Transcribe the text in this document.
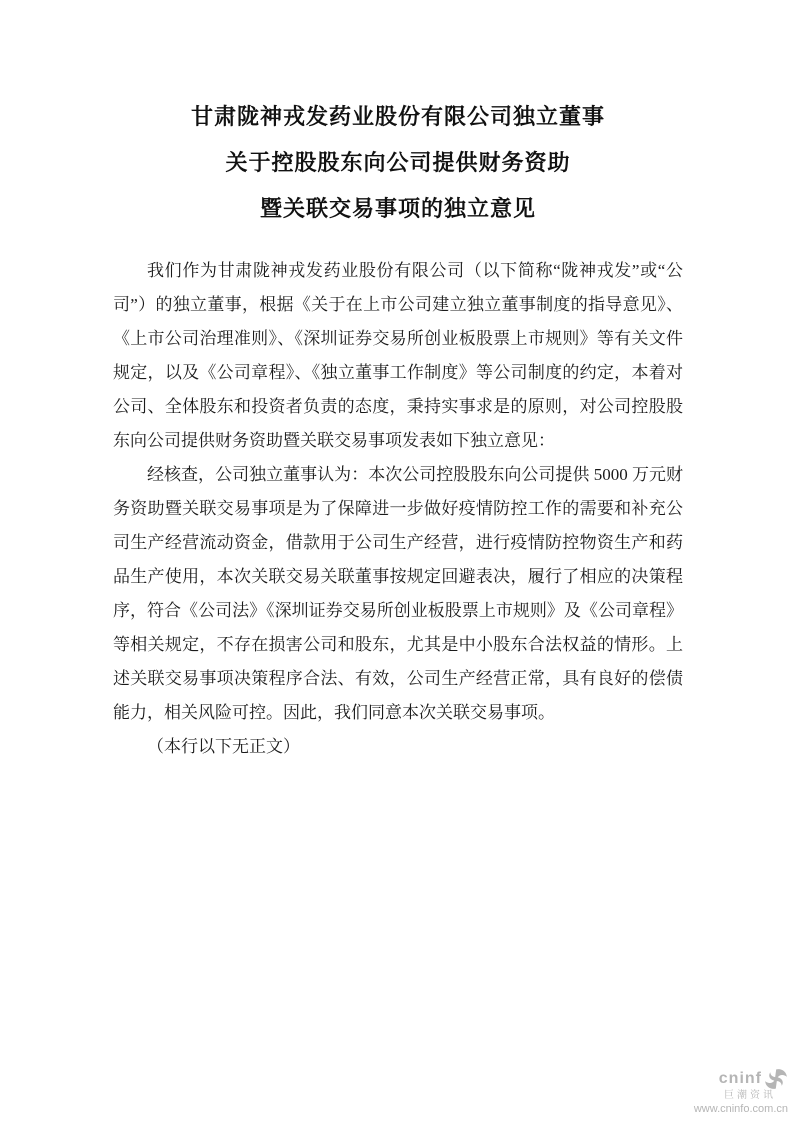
甘肃陇神戎发药业股份有限公司独立董事
关于控股股东向公司提供财务资助
暨关联交易事项的独立意见

我们作为甘肃陇神戎发药业股份有限公司（以下简称“陇神戎发”或“公司”）的独立董事，根据《关于在上市公司建立独立董事制度的指导意见》、《上市公司治理准则》、《深圳证券交易所创业板股票上市规则》等有关文件规定，以及《公司章程》、《独立董事工作制度》等公司制度的约定，本着对公司、全体股东和投资者负责的态度，秉持实事求是的原则，对公司控股股东向公司提供财务资助暨关联交易事项发表如下独立意见：

经核查，公司独立董事认为：本次公司控股股东向公司提供 5000 万元财务资助暨关联交易事项是为了保障进一步做好疫情防控工作的需要和补充公司生产经营流动资金，借款用于公司生产经营，进行疫情防控物资生产和药品生产使用，本次关联交易关联董事按规定回避表决，履行了相应的决策程序，符合《公司法》《深圳证券交易所创业板股票上市规则》及《公司章程》等相关规定，不存在损害公司和股东，尤其是中小股东合法权益的情形。上述关联交易事项决策程序合法、有效，公司生产经营正常，具有良好的偿债能力，相关风险可控。因此，我们同意本次关联交易事项。

（本行以下无正文）

cninf
巨潮资讯
www.cninfo.com.cn
